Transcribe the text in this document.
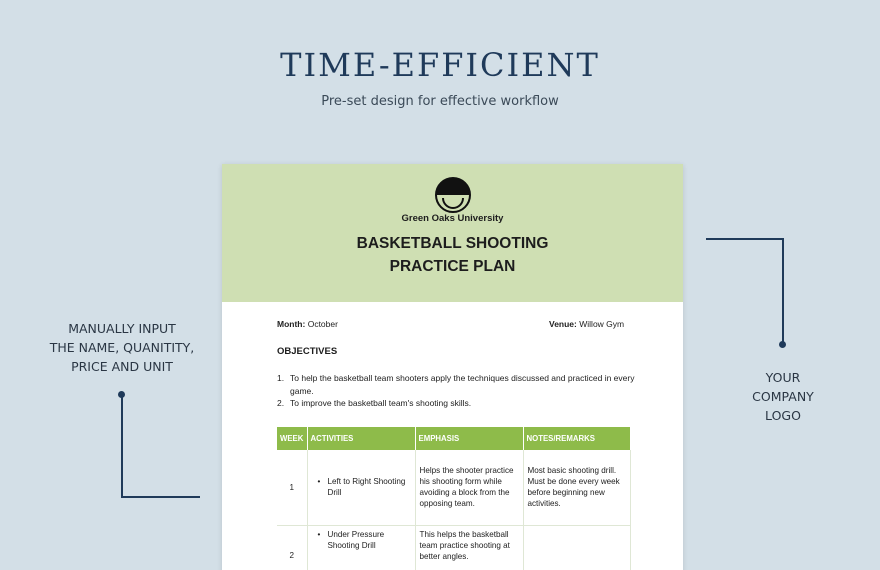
TIME-EFFICIENT
Pre-set design for effective workflow
MANUALLY INPUT
THE NAME, QUANITITY,
PRICE AND UNIT
YOUR
COMPANY
LOGO
Green Oaks University
BASKETBALL SHOOTING
PRACTICE PLAN
Month: October	Venue: Willow Gym
OBJECTIVES
1. To help the basketball team shooters apply the techniques discussed and practiced in every game.
2. To improve the basketball team's shooting skills.
WEEK	ACTIVITIES	EMPHASIS	NOTES/REMARKS
1	• Left to Right Shooting Drill	Helps the shooter practice his shooting form while avoiding a block from the opposing team.	Most basic shooting drill. Must be done every week before beginning new activities.
2	• Under Pressure Shooting Drill	This helps the basketball team practice shooting at better angles.	
